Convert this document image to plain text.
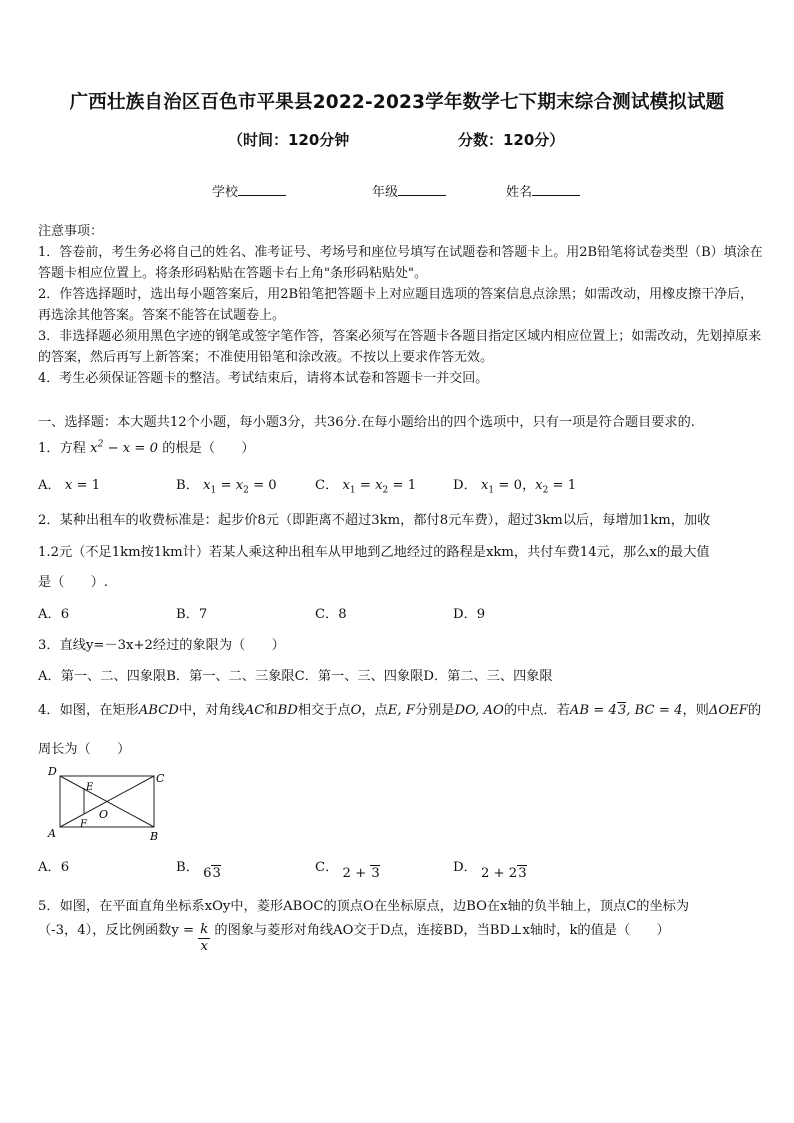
广西壮族自治区百色市平果县2022-2023学年数学七下期末综合测试模拟试题
（时间：120分钟	分数：120分）
学校	年级	姓名
注意事项：
1．答卷前，考生务必将自己的姓名、准考证号、考场号和座位号填写在试题卷和答题卡上。用2B铅笔将试卷类型（B）填涂在答题卡相应位置上。将条形码粘贴在答题卡右上角"条形码粘贴处"。
2．作答选择题时，选出每小题答案后，用2B铅笔把答题卡上对应题目选项的答案信息点涂黑；如需改动，用橡皮擦干净后，再选涂其他答案。答案不能答在试题卷上。
3．非选择题必须用黑色字迹的钢笔或签字笔作答，答案必须写在答题卡各题目指定区域内相应位置上；如需改动，先划掉原来的答案，然后再写上新答案；不准使用铅笔和涂改液。不按以上要求作答无效。
4．考生必须保证答题卡的整洁。考试结束后，请将本试卷和答题卡一并交回。
一、选择题：本大题共12个小题，每小题3分，共36分.在每小题给出的四个选项中，只有一项是符合题目要求的.
1．方程 $x^2 - x = 0$ 的根是（　　）
A． x = 1	B． $x_1 = x_2 = 0$	C． $x_1 = x_2 = 1$	D． $x_1 = 0$，$x_2 = 1$
2．某种出租车的收费标准是：起步价8元（即距离不超过3km，都付8元车费），超过3km以后，每增加1km，加收
1.2元（不足1km按1km计）若某人乘这种出租车从甲地到乙地经过的路程是xkm，共付车费14元，那么x的最大值
是（　　）.
A．6	B．7	C．8	D．9
3．直线y=－3x+2经过的象限为（　　）
A．第一、二、四象限B．第一、二、三象限C．第一、三、四象限D．第二、三、四象限
4．如图，在矩形ABCD中，对角线AC和BD相交于点O，点E, F分别是DO, AO的中点．若AB = 43, BC = 4，则ΔOEF的
周长为（　　）
D
C
E
O
A
F
B
A．6	B． 63	C． 2 + 3	D． 2 + 23
5．如图，在平面直角坐标系xOy中，菱形ABOC的顶点O在坐标原点，边BO在x轴的负半轴上，顶点C的坐标为
（-3，4），反比例函数$y = \frac{k}{x}$ 的图象与菱形对角线AO交于D点，连接BD，当BD⊥x轴时，k的值是（　　）
